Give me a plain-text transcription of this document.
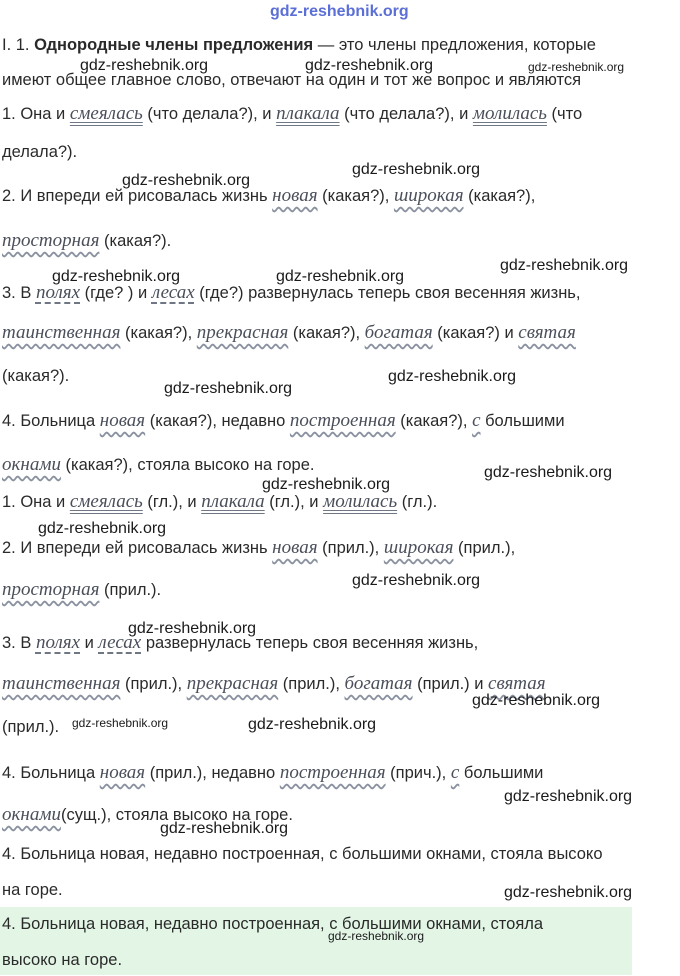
gdz-reshebnik.org
I. 1. Однородные члены предложения — это члены предложения, которые
имеют общее главное слово, отвечают на один и тот же вопрос и являются
1. Она и смеялась (что делала?), и плакала (что делала?), и молилась (что
делала?).
2. И впереди ей рисовалась жизнь новая (какая?), широкая (какая?),
просторная (какая?).
3. В полях (где? ) и лесах (где?) развернулась теперь своя весенняя жизнь,
таинственная (какая?), прекрасная (какая?), богатая (какая?) и святая
(какая?).
4. Больница новая (какая?), недавно построенная (какая?), с большими
окнами (какая?), стояла высоко на горе.
1. Она и смеялась (гл.), и плакала (гл.), и молилась (гл.).
2. И впереди ей рисовалась жизнь новая (прил.), широкая (прил.),
просторная (прил.).
3. В полях и лесах развернулась теперь своя весенняя жизнь,
таинственная (прил.), прекрасная (прил.), богатая (прил.) и святая
(прил.).
4. Больница новая (прил.), недавно построенная (прич.), с большими
окнами(сущ.), стояла высоко на горе.
4. Больница новая, недавно построенная, с большими окнами, стояла высоко
на горе.
4. Больница новая, недавно построенная, с большими окнами, стояла
высоко на горе.
gdz-reshebnik.org	gdz-reshebnik.org	gdz-reshebnik.org
gdz-reshebnik.org
gdz-reshebnik.org
gdz-reshebnik.org
gdz-reshebnik.org	gdz-reshebnik.org
gdz-reshebnik.org
gdz-reshebnik.org
gdz-reshebnik.org
gdz-reshebnik.org
gdz-reshebnik.org
gdz-reshebnik.org
gdz-reshebnik.org
gdz-reshebnik.org
gdz-reshebnik.org	gdz-reshebnik.org
gdz-reshebnik.org
gdz-reshebnik.org
gdz-reshebnik.org
gdz-reshebnik.org
